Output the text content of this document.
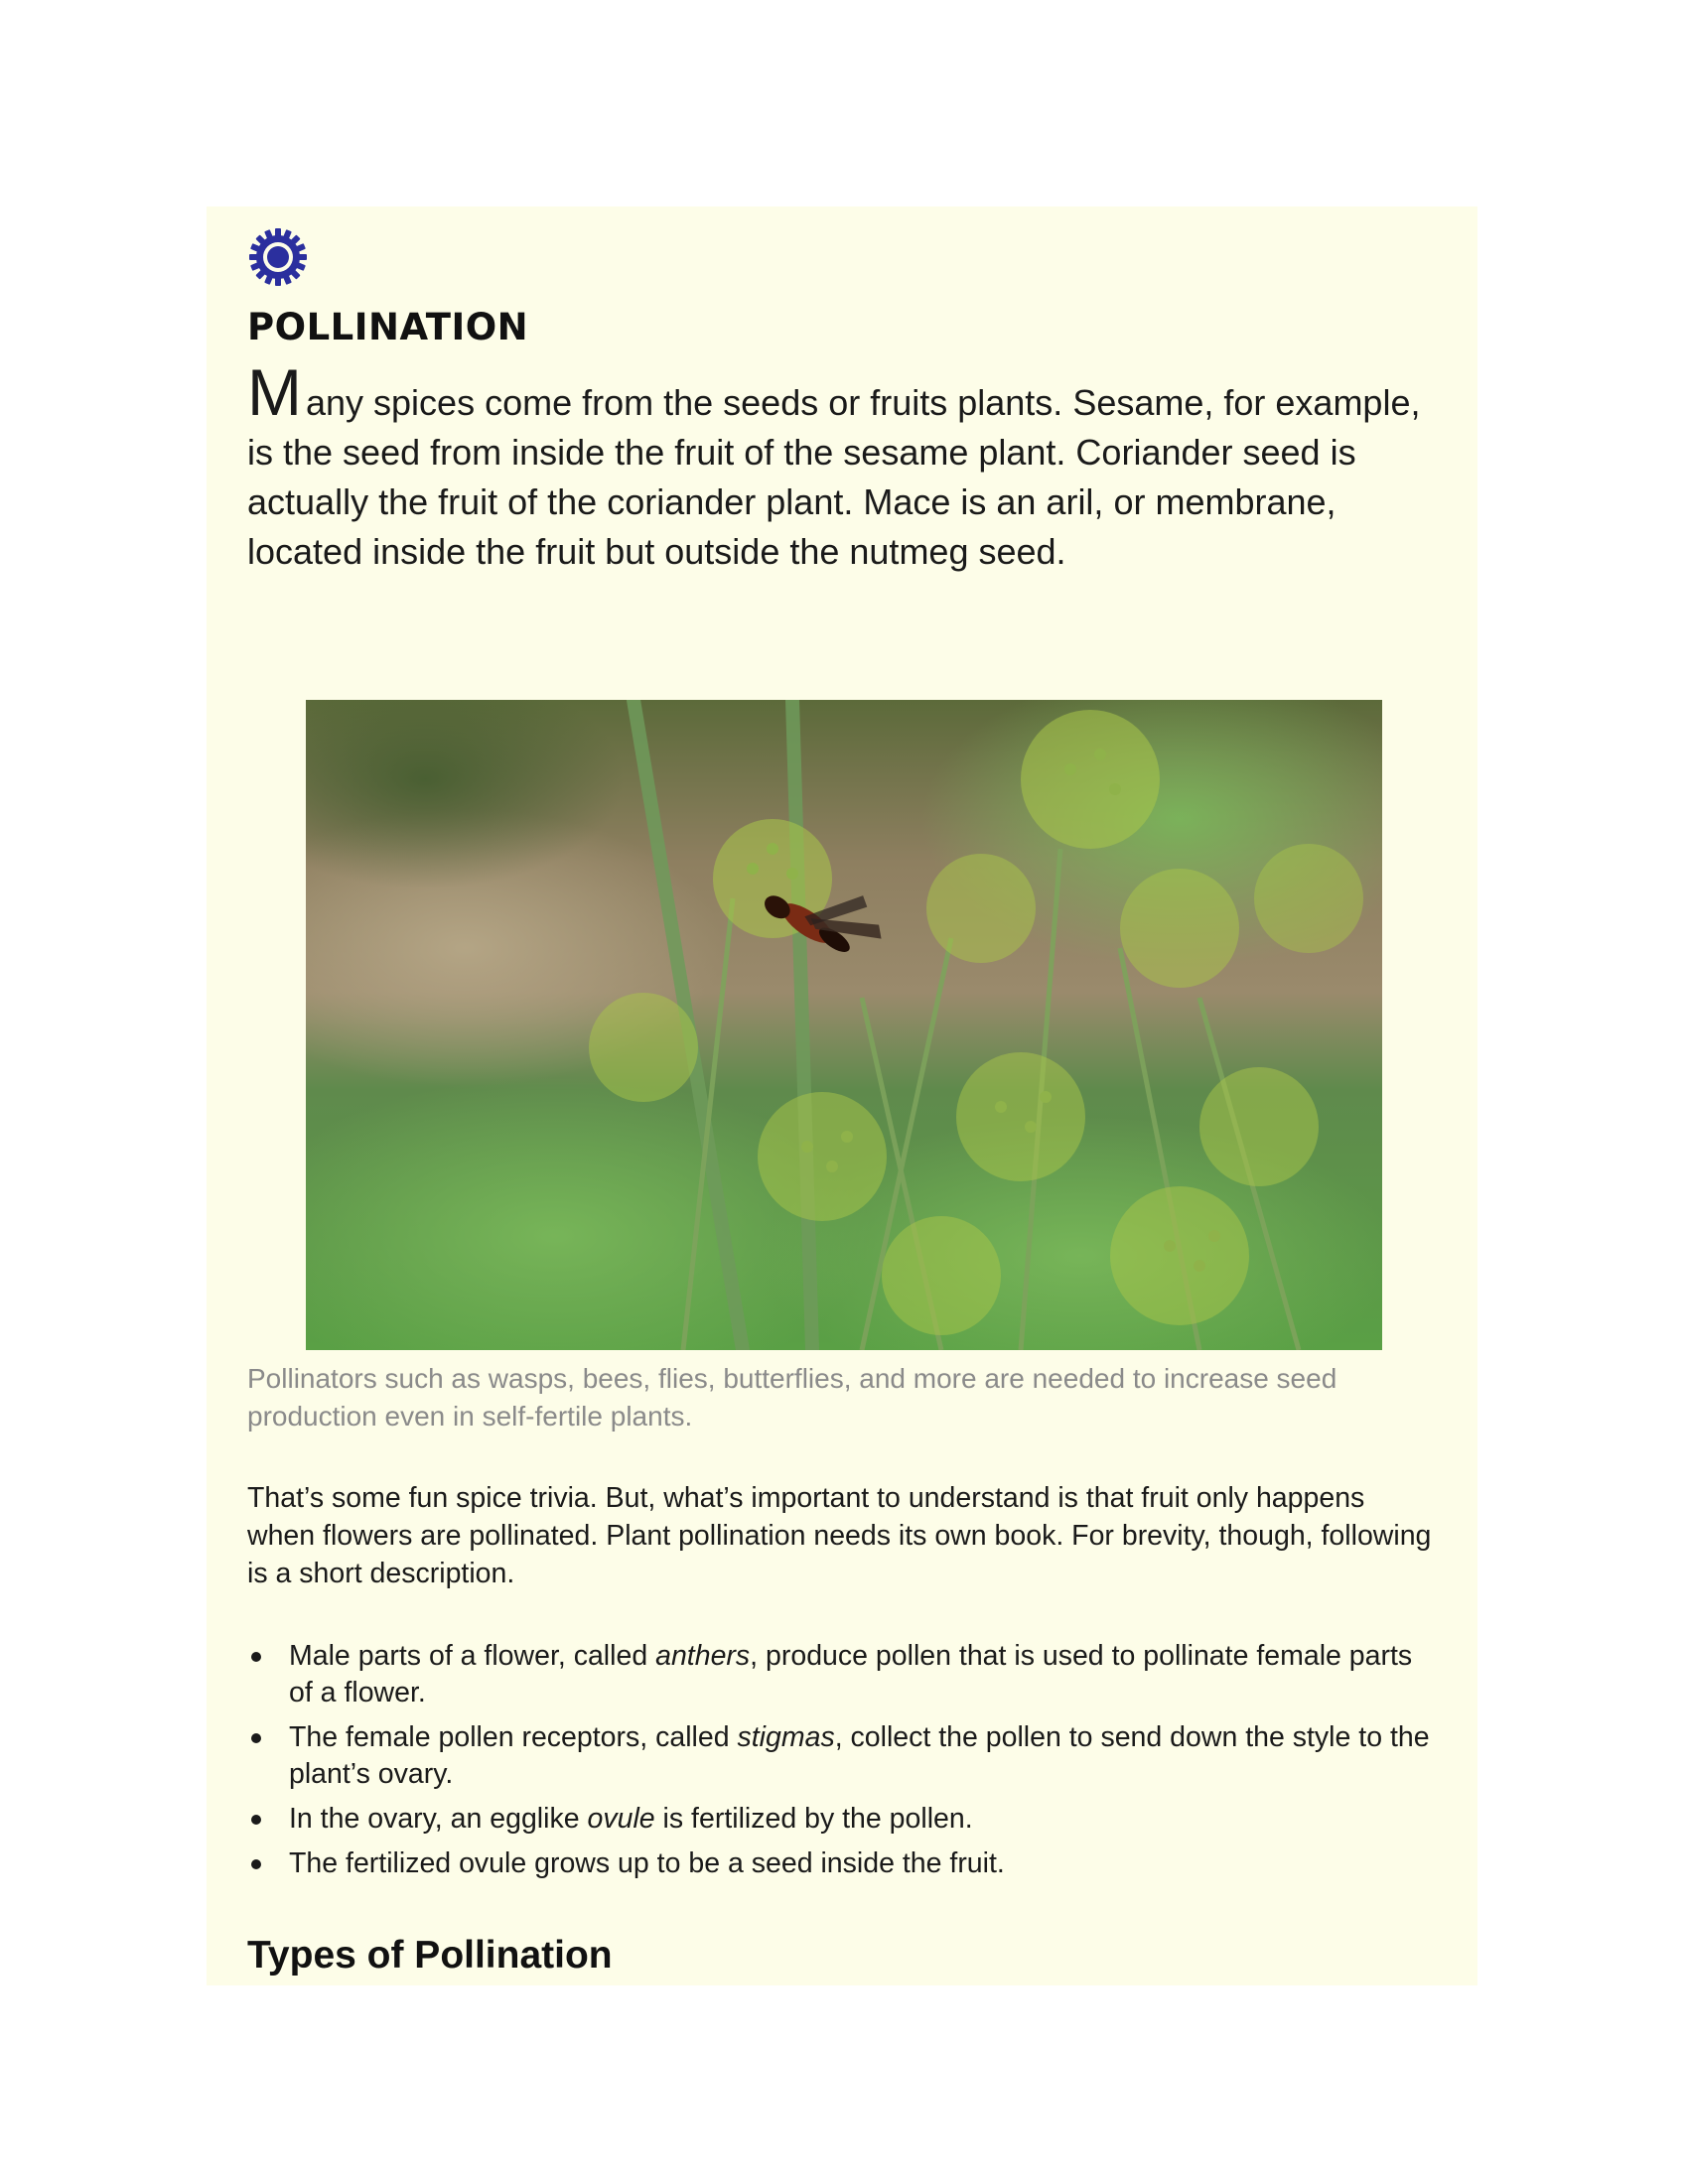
POLLINATION

Many spices come from the seeds or fruits plants. Sesame, for example, is the seed from inside the fruit of the sesame plant. Coriander seed is actually the fruit of the coriander plant. Mace is an aril, or membrane, located inside the fruit but outside the nutmeg seed.

Pollinators such as wasps, bees, flies, butterflies, and more are needed to increase seed production even in self-fertile plants.

That’s some fun spice trivia. But, what’s important to understand is that fruit only happens when flowers are pollinated. Plant pollination needs its own book. For brevity, though, following is a short description.

Male parts of a flower, called anthers, produce pollen that is used to pollinate female parts of a flower.
The female pollen receptors, called stigmas, collect the pollen to send down the style to the plant’s ovary.
In the ovary, an egglike ovule is fertilized by the pollen.
The fertilized ovule grows up to be a seed inside the fruit.
Types of Pollination
